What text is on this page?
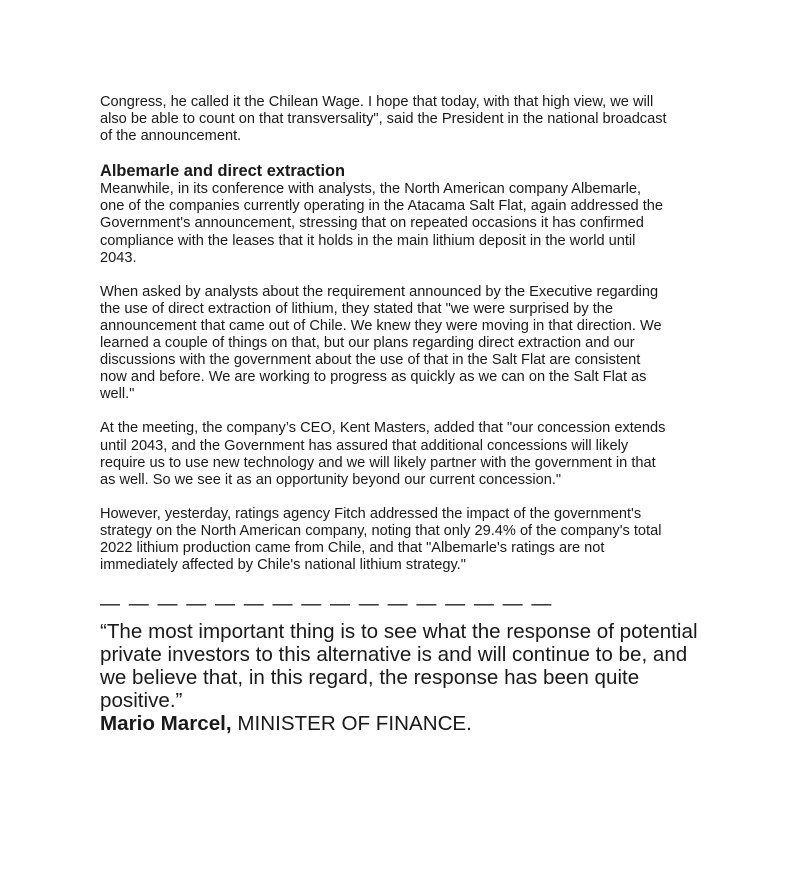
Congress, he called it the Chilean Wage. I hope that today, with that high view, we will
also be able to count on that transversality", said the President in the national broadcast
of the announcement.

Albemarle and direct extraction

Meanwhile, in its conference with analysts, the North American company Albemarle,
one of the companies currently operating in the Atacama Salt Flat, again addressed the
Government's announcement, stressing that on repeated occasions it has confirmed
compliance with the leases that it holds in the main lithium deposit in the world until
2043.

When asked by analysts about the requirement announced by the Executive regarding
the use of direct extraction of lithium, they stated that "we were surprised by the
announcement that came out of Chile. We knew they were moving in that direction. We
learned a couple of things on that, but our plans regarding direct extraction and our
discussions with the government about the use of that in the Salt Flat are consistent
now and before. We are working to progress as quickly as we can on the Salt Flat as
well."

At the meeting, the company’s CEO, Kent Masters, added that "our concession extends
until 2043, and the Government has assured that additional concessions will likely
require us to use new technology and we will likely partner with the government in that
as well. So we see it as an opportunity beyond our current concession."

However, yesterday, ratings agency Fitch addressed the impact of the government's
strategy on the North American company, noting that only 29.4% of the company's total
2022 lithium production came from Chile, and that "Albemarle's ratings are not
immediately affected by Chile's national lithium strategy."

— — — — — — — — — — — — — — — —

“The most important thing is to see what the response of potential
private investors to this alternative is and will continue to be, and
we believe that, in this regard, the response has been quite
positive.”

Mario Marcel, MINISTER OF FINANCE.
